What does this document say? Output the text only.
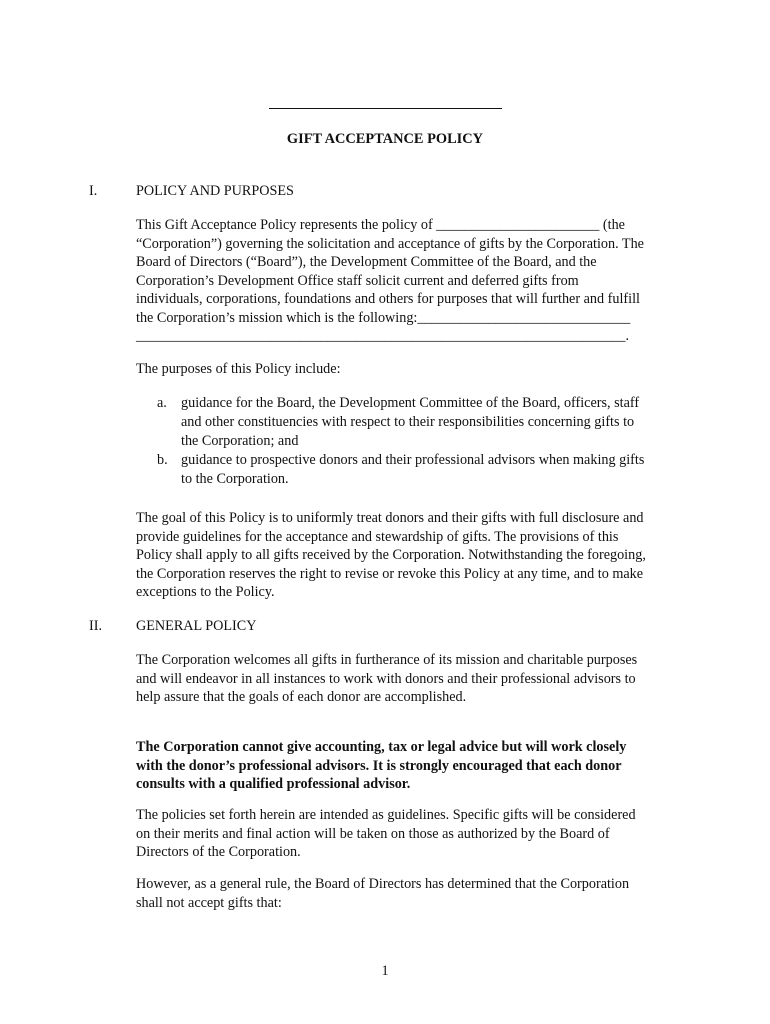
GIFT ACCEPTANCE POLICY
I.	POLICY AND PURPOSES
This Gift Acceptance Policy represents the policy of _______________________ (the
“Corporation”) governing the solicitation and acceptance of gifts by the Corporation. The
Board of Directors (“Board”), the Development Committee of the Board, and the
Corporation’s Development Office staff solicit current and deferred gifts from
individuals, corporations, foundations and others for purposes that will further and fulfill
the Corporation’s mission which is the following:______________________________
_____________________________________________________________________.
The purposes of this Policy include:
a. guidance for the Board, the Development Committee of the Board, officers, staff
and other constituencies with respect to their responsibilities concerning gifts to
the Corporation; and
b. guidance to prospective donors and their professional advisors when making gifts
to the Corporation.
The goal of this Policy is to uniformly treat donors and their gifts with full disclosure and
provide guidelines for the acceptance and stewardship of gifts. The provisions of this
Policy shall apply to all gifts received by the Corporation. Notwithstanding the foregoing,
the Corporation reserves the right to revise or revoke this Policy at any time, and to make
exceptions to the Policy.
II. GENERAL POLICY
The Corporation welcomes all gifts in furtherance of its mission and charitable purposes
and will endeavor in all instances to work with donors and their professional advisors to
help assure that the goals of each donor are accomplished.
The Corporation cannot give accounting, tax or legal advice but will work closely
with the donor’s professional advisors. It is strongly encouraged that each donor
consults with a qualified professional advisor.
The policies set forth herein are intended as guidelines. Specific gifts will be considered
on their merits and final action will be taken on those as authorized by the Board of
Directors of the Corporation.
However, as a general rule, the Board of Directors has determined that the Corporation
shall not accept gifts that:
1
